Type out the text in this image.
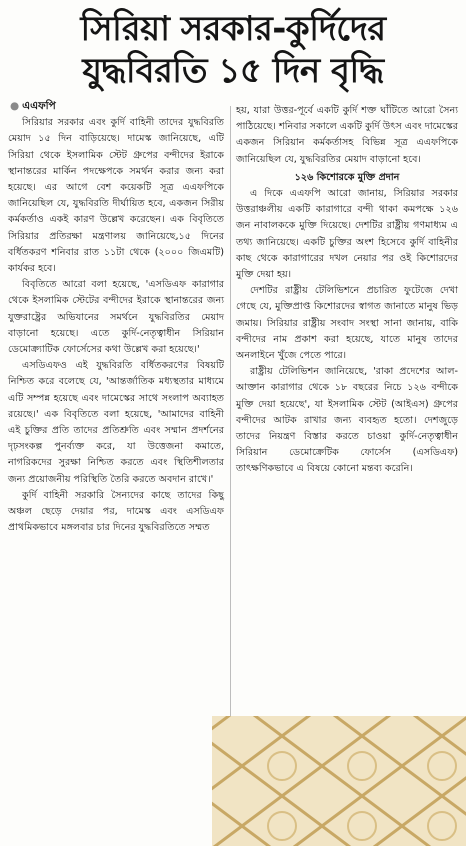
সিরিয়া সরকার-কুর্দিদের
যুদ্ধবিরতি ১৫ দিন বৃদ্ধি

● এএফপি

সিরিয়ার সরকার এবং কুর্দি বাহিনী তাদের যুদ্ধবিরতি মেয়াদ ১৫ দিন বাড়িয়েছে। দামেস্ক জানিয়েছে, এটি সিরিয়া থেকে ইসলামিক স্টেট গ্রুপের বন্দীদের ইরাকে স্থানান্তরের মার্কিন পদক্ষেপকে সমর্থন করার জন্য করা হয়েছে। এর আগে বেশ কয়েকটি সূত্র এএফপিকে জানিয়েছিল যে, যুদ্ধবিরতি দীর্ঘায়িত হবে, একজন সিরীয় কর্মকর্তাও একই কারণ উল্লেখ করেছেন। এক বিবৃতিতে সিরিয়ার প্রতিরক্ষা মন্ত্রণালয় জানিয়েছে,১৫ দিনের বর্ধিতকরণ শনিবার রাত ১১টা থেকে (২০০০ জিএমটি) কার্যকর হবে।

বিবৃতিতে আরো বলা হয়েছে, 'এসডিএফ কারাগার থেকে ইসলামিক স্টেটের বন্দীদের ইরাকে স্থানান্তরের জন্য যুক্তরাষ্ট্রের অভিযানের সমর্থনে যুদ্ধবিরতির মেয়াদ বাড়ানো হয়েছে। এতে কুর্দি-নেতৃত্বাধীন সিরিয়ান ডেমোক্র্যাটিক ফোর্সেসের কথা উল্লেখ করা হয়েছে।'

এসডিএফও এই যুদ্ধবিরতি বর্ধিতকরণের বিষয়টি নিশ্চিত করে বলেছে যে, 'আন্তর্জাতিক মধ্যস্থতার মাধ্যমে এটি সম্পন্ন হয়েছে এবং দামেস্কের সাথে সংলাপ অব্যাহত রয়েছে।' এক বিবৃতিতে বলা হয়েছে, 'আমাদের বাহিনী এই চুক্তির প্রতি তাদের প্রতিশ্রুতি এবং সম্মান প্রদর্শনের দৃঢ়সংকল্প পুনর্ব্যক্ত করে, যা উত্তেজনা কমাতে, নাগরিকদের সুরক্ষা নিশ্চিত করতে এবং স্থিতিশীলতার জন্য প্রয়োজনীয় পরিস্থিতি তৈরি করতে অবদান রাখে।'

কুর্দি বাহিনী সরকারি সৈন্যদের কাছে তাদের কিছু অঞ্চল ছেড়ে দেয়ার পর, দামেস্ক এবং এসডিএফ প্রাথমিকভাবে মঙ্গলবার চার দিনের যুদ্ধবিরতিতে সম্মত

হয়, যারা উত্তর-পূর্বে একটি কুর্দি শক্ত ঘাঁটিতে আরো সৈন্য পাঠিয়েছে। শনিবার সকালে একটি কুর্দি উৎস এবং দামেস্কের একজন সিরিয়ান কর্মকর্তাসহ বিভিন্ন সূত্র এএফপিকে জানিয়েছিল যে, যুদ্ধবিরতির মেয়াদ বাড়ানো হবে।

১২৬ কিশোরকে মুক্তি প্রদান

এ দিকে এএফপি আরো জানায়, সিরিয়ার সরকার উত্তরাঞ্চলীয় একটি কারাগারে বন্দী থাকা কমপক্ষে ১২৬ জন নাবালককে মুক্তি দিয়েছে। দেশটির রাষ্ট্রীয় গণমাধ্যম এ তথ্য জানিয়েছে। একটি চুক্তির অংশ হিসেবে কুর্দি বাহিনীর কাছ থেকে কারাগারের দখল নেয়ার পর ওই কিশোরদের মুক্তি দেয়া হয়।

দেশটির রাষ্ট্রীয় টেলিভিশনে প্রচারিত ফুটেজে দেখা গেছে যে, মুক্তিপ্রাপ্ত কিশোরদের স্বাগত জানাতে মানুষ ভিড় জমায়। সিরিয়ার রাষ্ট্রীয় সংবাদ সংস্থা সানা জানায়, বাকি বন্দীদের নাম প্রকাশ করা হয়েছে, যাতে মানুষ তাদের অনলাইনে খুঁজে পেতে পারে।

রাষ্ট্রীয় টেলিভিশন জানিয়েছে, 'রাকা প্রদেশের আল-আক্তান কারাগার থেকে ১৮ বছরের নিচে ১২৬ বন্দীকে মুক্তি দেয়া হয়েছে', যা ইসলামিক স্টেট (আইএস) গ্রুপের বন্দীদের আটক রাখার জন্য ব্যবহৃত হতো। দেশজুড়ে তাদের নিয়ন্ত্রণ বিস্তার করতে চাওয়া কুর্দি-নেতৃত্বাধীন সিরিয়ান ডেমোক্রেটিক ফোর্সেস (এসডিএফ) তাৎক্ষণিকভাবে এ বিষয়ে কোনো মন্তব্য করেনি।
